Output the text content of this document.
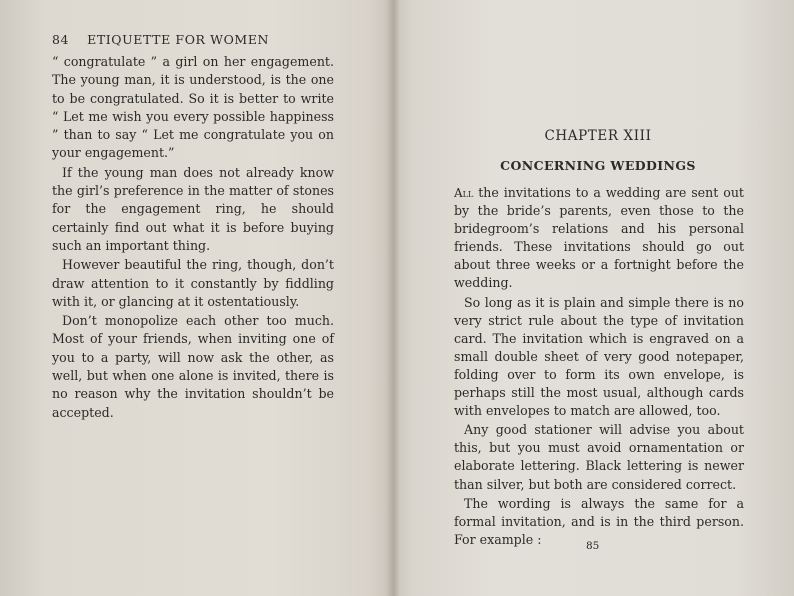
84 ETIQUETTE FOR WOMEN

“ congratulate ” a girl on her engagement. The young man, it is understood, is the one to be congratulated. So it is better to write “ Let me wish you every possible happiness ” than to say “ Let me congratulate you on your engagement.”

If the young man does not already know the girl’s preference in the matter of stones for the engagement ring, he should certainly find out what it is before buying such an important thing.

However beautiful the ring, though, don’t draw attention to it constantly by fiddling with it, or glancing at it ostentatiously.

Don’t monopolize each other too much. Most of your friends, when inviting one of you to a party, will now ask the other, as well, but when one alone is invited, there is no reason why the invitation shouldn’t be accepted.

CHAPTER XIII
CONCERNING WEDDINGS

All the invitations to a wedding are sent out by the bride’s parents, even those to the bridegroom’s relations and his personal friends. These invitations should go out about three weeks or a fortnight before the wedding.

So long as it is plain and simple there is no very strict rule about the type of invitation card. The invitation which is engraved on a small double sheet of very good notepaper, folding over to form its own envelope, is perhaps still the most usual, although cards with envelopes to match are allowed, too.

Any good stationer will advise you about this, but you must avoid ornamentation or elaborate lettering. Black lettering is newer than silver, but both are considered correct.

The wording is always the same for a formal invitation, and is in the third person. For example :	85
